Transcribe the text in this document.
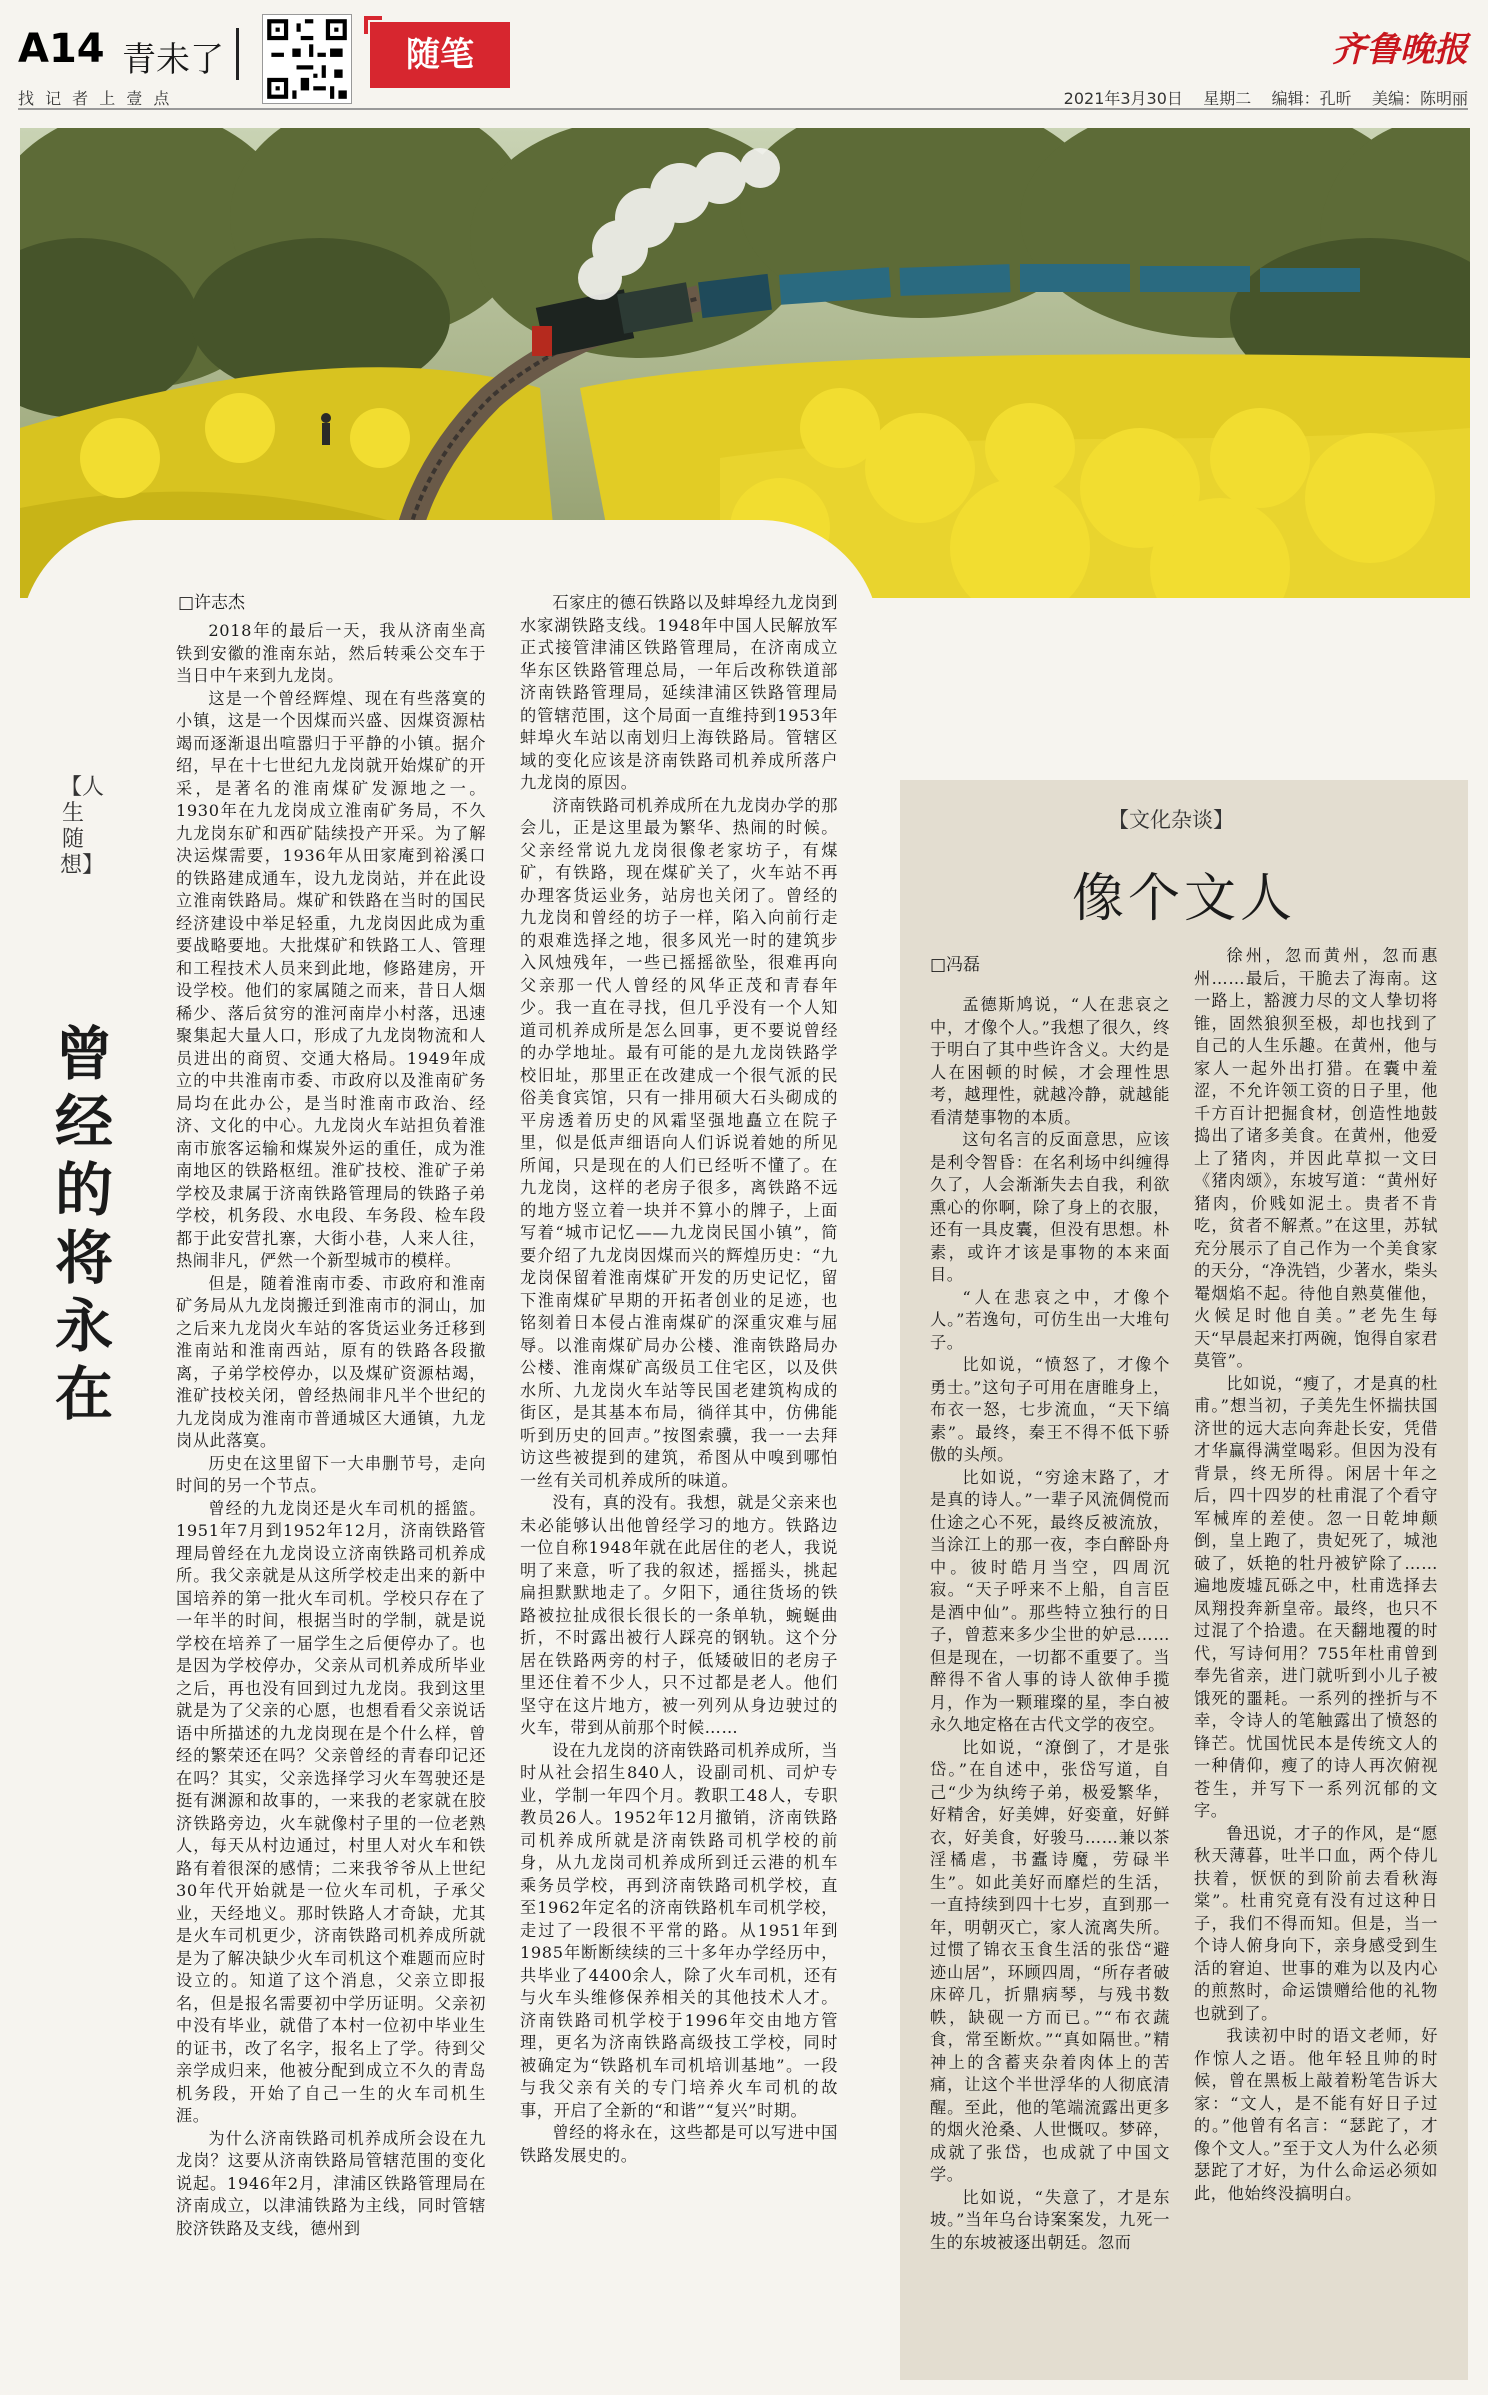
A14 青未了	随笔	齐鲁晚报
找 记 者 上 壹 点	2021年3月30日 星期二 编辑：孔昕 美编：陈明丽
【人生随想】
曾经的将永在
□许志杰

2018年的最后一天，我从济南坐高铁到安徽的淮南东站，然后转乘公交车于当日中午来到九龙岗。

这是一个曾经辉煌、现在有些落寞的小镇，这是一个因煤而兴盛、因煤资源枯竭而逐渐退出喧嚣归于平静的小镇。据介绍，早在十七世纪九龙岗就开始煤矿的开采，是著名的淮南煤矿发源地之一。1930年在九龙岗成立淮南矿务局，不久九龙岗东矿和西矿陆续投产开采。为了解决运煤需要，1936年从田家庵到裕溪口的铁路建成通车，设九龙岗站，并在此设立淮南铁路局。煤矿和铁路在当时的国民经济建设中举足轻重，九龙岗因此成为重要战略要地。大批煤矿和铁路工人、管理和工程技术人员来到此地，修路建房，开设学校。他们的家属随之而来，昔日人烟稀少、落后贫穷的淮河南岸小村落，迅速聚集起大量人口，形成了九龙岗物流和人员进出的商贸、交通大格局。1949年成立的中共淮南市委、市政府以及淮南矿务局均在此办公，是当时淮南市政治、经济、文化的中心。九龙岗火车站担负着淮南市旅客运输和煤炭外运的重任，成为淮南地区的铁路枢纽。淮矿技校、淮矿子弟学校及隶属于济南铁路管理局的铁路子弟学校，机务段、水电段、车务段、检车段都于此安营扎寨，大街小巷，人来人往，热闹非凡，俨然一个新型城市的模样。

但是，随着淮南市委、市政府和淮南矿务局从九龙岗搬迁到淮南市的洞山，加之后来九龙岗火车站的客货运业务迁移到淮南站和淮南西站，原有的铁路各段撤离，子弟学校停办，以及煤矿资源枯竭，淮矿技校关闭，曾经热闹非凡半个世纪的九龙岗成为淮南市普通城区大通镇，九龙岗从此落寞。

历史在这里留下一大串删节号，走向时间的另一个节点。

曾经的九龙岗还是火车司机的摇篮。1951年7月到1952年12月，济南铁路管理局曾经在九龙岗设立济南铁路司机养成所。我父亲就是从这所学校走出来的新中国培养的第一批火车司机。学校只存在了一年半的时间，根据当时的学制，就是说学校在培养了一届学生之后便停办了。也是因为学校停办，父亲从司机养成所毕业之后，再也没有回到过九龙岗。我到这里就是为了父亲的心愿，也想看看父亲说话语中所描述的九龙岗现在是个什么样，曾经的繁荣还在吗？父亲曾经的青春印记还在吗？其实，父亲选择学习火车驾驶还是挺有渊源和故事的，一来我的老家就在胶济铁路旁边，火车就像村子里的一位老熟人，每天从村边通过，村里人对火车和铁路有着很深的感情；二来我爷爷从上世纪30年代开始就是一位火车司机，子承父业，天经地义。那时铁路人才奇缺，尤其是火车司机更少，济南铁路司机养成所就是为了解决缺少火车司机这个难题而应时设立的。知道了这个消息，父亲立即报名，但是报名需要初中学历证明。父亲初中没有毕业，就借了本村一位初中毕业生的证书，改了名字，报名上了学。待到父亲学成归来，他被分配到成立不久的青岛机务段，开始了自己一生的火车司机生涯。

为什么济南铁路司机养成所会设在九龙岗？这要从济南铁路局管辖范围的变化说起。1946年2月，津浦区铁路管理局在济南成立，以津浦铁路为主线，同时管辖胶济铁路及支线，德州到

石家庄的德石铁路以及蚌埠经九龙岗到水家湖铁路支线。1948年中国人民解放军正式接管津浦区铁路管理局，在济南成立华东区铁路管理总局，一年后改称铁道部济南铁路管理局，延续津浦区铁路管理局的管辖范围，这个局面一直维持到1953年蚌埠火车站以南划归上海铁路局。管辖区域的变化应该是济南铁路司机养成所落户九龙岗的原因。

济南铁路司机养成所在九龙岗办学的那会儿，正是这里最为繁华、热闹的时候。父亲经常说九龙岗很像老家坊子，有煤矿，有铁路，现在煤矿关了，火车站不再办理客货运业务，站房也关闭了。曾经的九龙岗和曾经的坊子一样，陷入向前行走的艰难选择之地，很多风光一时的建筑步入风烛残年，一些已摇摇欲坠，很难再向父亲那一代人曾经的风华正茂和青春年少。我一直在寻找，但几乎没有一个人知道司机养成所是怎么回事，更不要说曾经的办学地址。最有可能的是九龙岗铁路学校旧址，那里正在改建成一个很气派的民俗美食宾馆，只有一排用硕大石头砌成的平房透着历史的风霜坚强地矗立在院子里，似是低声细语向人们诉说着她的所见所闻，只是现在的人们已经听不懂了。在九龙岗，这样的老房子很多，离铁路不远的地方竖立着一块并不算小的牌子，上面写着“城市记忆——九龙岗民国小镇”，简要介绍了九龙岗因煤而兴的辉煌历史：“九龙岗保留着淮南煤矿开发的历史记忆，留下淮南煤矿早期的开拓者创业的足迹，也铭刻着日本侵占淮南煤矿的深重灾难与屈辱。以淮南煤矿局办公楼、淮南铁路局办公楼、淮南煤矿高级员工住宅区，以及供水所、九龙岗火车站等民国老建筑构成的街区，是其基本布局，徜徉其中，仿佛能听到历史的回声。”按图索骥，我一一去拜访这些被提到的建筑，希图从中嗅到哪怕一丝有关司机养成所的味道。

没有，真的没有。我想，就是父亲来也未必能够认出他曾经学习的地方。铁路边一位自称1948年就在此居住的老人，我说明了来意，听了我的叙述，摇摇头，挑起扁担默默地走了。夕阳下，通往货场的铁路被拉扯成很长很长的一条单轨，蜿蜒曲折，不时露出被行人踩亮的钢轨。这个分居在铁路两旁的村子，低矮破旧的老房子里还住着不少人，只不过都是老人。他们坚守在这片地方，被一列列从身边驶过的火车，带到从前那个时候……

设在九龙岗的济南铁路司机养成所，当时从社会招生840人，设副司机、司炉专业，学制一年四个月。教职工48人，专职教员26人。1952年12月撤销，济南铁路司机养成所就是济南铁路司机学校的前身，从九龙岗司机养成所到迁云港的机车乘务员学校，再到济南铁路司机学校，直至1962年定名的济南铁路机车司机学校，走过了一段很不平常的路。从1951年到1985年断断续续的三十多年办学经历中，共毕业了4400余人，除了火车司机，还有与火车头维修保养相关的其他技术人才。济南铁路司机学校于1996年交由地方管理，更名为济南铁路高级技工学校，同时被确定为“铁路机车司机培训基地”。一段与我父亲有关的专门培养火车司机的故事，开启了全新的“和谐”“复兴”时期。

曾经的将永在，这些都是可以写进中国铁路发展史的。

【文化杂谈】
像个文人
□冯磊

孟德斯鸠说，“人在悲哀之中，才像个人。”我想了很久，终于明白了其中些许含义。大约是人在困顿的时候，才会理性思考，越理性，就越冷静，就越能看清楚事物的本质。

这句名言的反面意思，应该是利令智昏：在名利场中纠缠得久了，人会渐渐失去自我，利欲熏心的你啊，除了身上的衣服，还有一具皮囊，但没有思想。朴素，或许才该是事物的本来面目。

“人在悲哀之中，才像个人。”若逸句，可仿生出一大堆句子。

比如说，“愤怒了，才像个勇士。”这句子可用在唐睢身上，布衣一怒，七步流血，“天下缟素”。最终，秦王不得不低下骄傲的头颅。

比如说，“穷途末路了，才是真的诗人。”一辈子风流倜傥而仕途之心不死，最终反被流放，当涂江上的那一夜，李白醉卧舟中。彼时皓月当空，四周沉寂。“天子呼来不上船，自言臣是酒中仙”。那些特立独行的日子，曾惹来多少尘世的妒忌……但是现在，一切都不重要了。当醉得不省人事的诗人欲伸手揽月，作为一颗璀璨的星，李白被永久地定格在古代文学的夜空。

比如说，“潦倒了，才是张岱。”在自述中，张岱写道，自己“少为纨绔子弟，极爱繁华，好精舍，好美婢，好娈童，好鲜衣，好美食，好骏马……兼以茶淫橘虐，书蠹诗魔，劳碌半生”。如此美好而靡烂的生活，一直持续到四十七岁，直到那一年，明朝灭亡，家人流离失所。过惯了锦衣玉食生活的张岱“避迹山居”，环顾四周，“所存者破床碎几，折鼎病琴，与残书数帙，缺砚一方而已。”“布衣蔬食，常至断炊。”“真如隔世。”精神上的含蓄夹杂着肉体上的苦痛，让这个半世浮华的人彻底清醒。至此，他的笔端流露出更多的烟火沧桑、人世慨叹。梦碎，成就了张岱，也成就了中国文学。

比如说，“失意了，才是东坡。”当年乌台诗案案发，九死一生的东坡被逐出朝廷。忽而

徐州，忽而黄州，忽而惠州……最后，干脆去了海南。这一路上，豁渡力尽的文人挚切将锥，固然狼狈至极，却也找到了自己的人生乐趣。在黄州，他与家人一起外出打猎。在囊中羞涩，不允许领工资的日子里，他千方百计把掘食材，创造性地鼓捣出了诸多美食。在黄州，他爱上了猪肉，并因此草拟一文曰《猪肉颂》，东坡写道：“黄州好猪肉，价贱如泥土。贵者不肯吃，贫者不解煮。”在这里，苏轼充分展示了自己作为一个美食家的天分，“净洗铛，少著水，柴头罨烟焰不起。待他自熟莫催他，火候足时他自美。”老先生每天“早晨起来打两碗，饱得自家君莫管”。

比如说，“瘦了，才是真的杜甫。”想当初，子美先生怀揣扶国济世的远大志向奔赴长安，凭借才华赢得满堂喝彩。但因为没有背景，终无所得。闲居十年之后，四十四岁的杜甫混了个看守军械库的差使。忽一日乾坤颠倒，皇上跑了，贵妃死了，城池破了，妖艳的牡丹被铲除了……遍地废墟瓦砾之中，杜甫选择去凤翔投奔新皇帝。最终，也只不过混了个拾遗。在天翻地覆的时代，写诗何用？755年杜甫曾到奉先省亲，进门就听到小儿子被饿死的噩耗。一系列的挫折与不幸，令诗人的笔触露出了愤怒的锋芒。忧国忧民本是传统文人的一种倩仰，瘦了的诗人再次俯视苍生，并写下一系列沉郁的文字。

鲁迅说，才子的作风，是“愿秋天薄暮，吐半口血，两个侍儿扶着，恹恹的到阶前去看秋海棠”。杜甫究竟有没有过这种日子，我们不得而知。但是，当一个诗人俯身向下，亲身感受到生活的窘迫、世事的难为以及内心的煎熬时，命运馈赠给他的礼物也就到了。

我读初中时的语文老师，好作惊人之语。他年轻且帅的时候，曾在黑板上敲着粉笔告诉大家：“文人，是不能有好日子过的。”他曾有名言：“瑟跎了，才像个文人。”至于文人为什么必须瑟跎了才好，为什么命运必须如此，他始终没搞明白。
